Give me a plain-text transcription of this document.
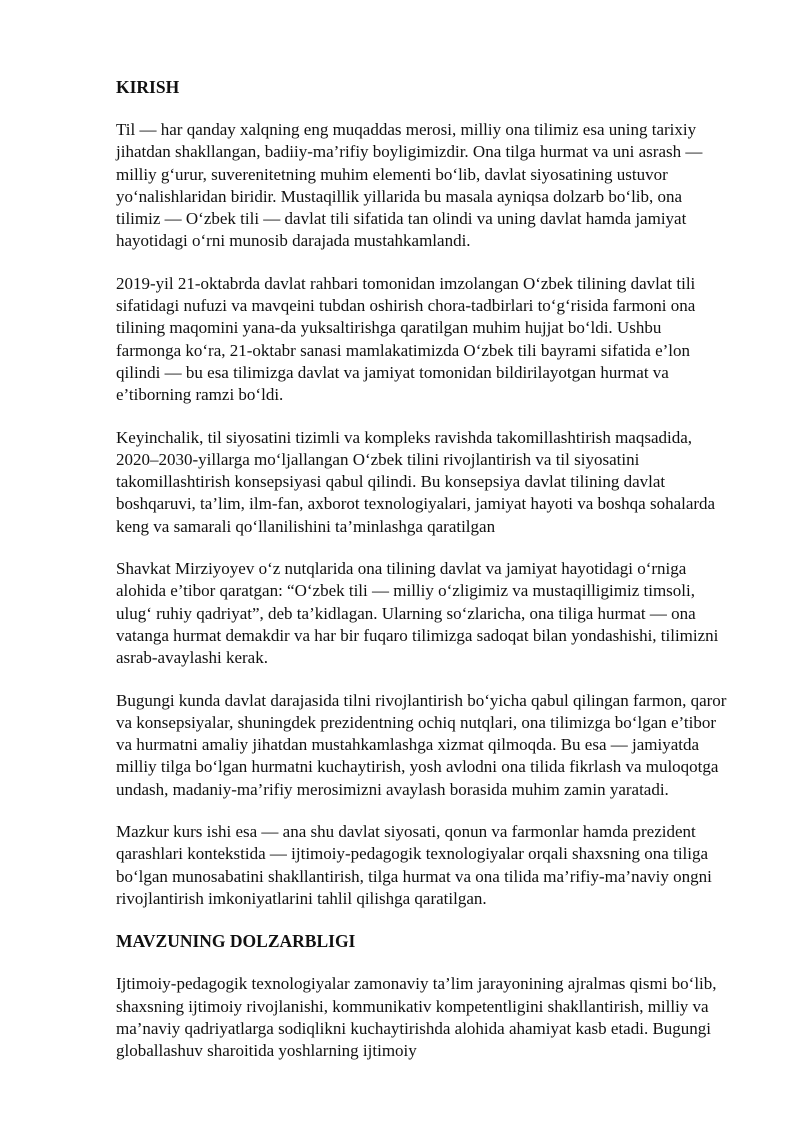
KIRISH

Til — har qanday xalqning eng muqaddas merosi, milliy ona tilimiz esa uning tarixiy jihatdan shakllangan, badiiy-ma’rifiy boyligimizdir. Ona tilga hurmat va uni asrash — milliy g‘urur, suverenitetning muhim elementi bo‘lib, davlat siyosatining ustuvor yo‘nalishlaridan biridir. Mustaqillik yillarida bu masala ayniqsa dolzarb bo‘lib, ona tilimiz — O‘zbek tili — davlat tili sifatida tan olindi va uning davlat hamda jamiyat hayotidagi o‘rni munosib darajada mustahkamlandi.

2019-yil 21-oktabrda davlat rahbari tomonidan imzolangan O‘zbek tilining davlat tili sifatidagi nufuzi va mavqeini tubdan oshirish chora-tadbirlari to‘g‘risida farmoni ona tilining maqomini yana-da yuksaltirishga qaratilgan muhim hujjat bo‘ldi. Ushbu farmonga ko‘ra, 21-oktabr sanasi mamlakatimizda O‘zbek tili bayrami sifatida e’lon qilindi — bu esa tilimizga davlat va jamiyat tomonidan bildirilayotgan hurmat va e’tiborning ramzi bo‘ldi.

Keyinchalik, til siyosatini tizimli va kompleks ravishda takomillashtirish maqsadida, 2020–2030-yillarga mo‘ljallangan O‘zbek tilini rivojlantirish va til siyosatini takomillashtirish konsepsiyasi qabul qilindi. Bu konsepsiya davlat tilining davlat boshqaruvi, ta’lim, ilm-fan, axborot texnologiyalari, jamiyat hayoti va boshqa sohalarda keng va samarali qo‘llanilishini ta’minlashga qaratilgan

Shavkat Mirziyoyev o‘z nutqlarida ona tilining davlat va jamiyat hayotidagi o‘rniga alohida e’tibor qaratgan: “O‘zbek tili — milliy o‘zligimiz va mustaqilligimiz timsoli, ulug‘ ruhiy qadriyat”, deb ta’kidlagan. Ularning so‘zlaricha, ona tiliga hurmat — ona vatanga hurmat demakdir va har bir fuqaro tilimizga sadoqat bilan yondashishi, tilimizni asrab-avaylashi kerak.

Bugungi kunda davlat darajasida tilni rivojlantirish bo‘yicha qabul qilingan farmon, qaror va konsepsiyalar, shuningdek prezidentning ochiq nutqlari, ona tilimizga bo‘lgan e’tibor va hurmatni amaliy jihatdan mustahkamlashga xizmat qilmoqda. Bu esa — jamiyatda milliy tilga bo‘lgan hurmatni kuchaytirish, yosh avlodni ona tilida fikrlash va muloqotga undash, madaniy-ma’rifiy merosimizni avaylash borasida muhim zamin yaratadi.

Mazkur kurs ishi esa — ana shu davlat siyosati, qonun va farmonlar hamda prezident qarashlari kontekstida — ijtimoiy-pedagogik texnologiyalar orqali shaxsning ona tiliga bo‘lgan munosabatini shakllantirish, tilga hurmat va ona tilida ma’rifiy-ma’naviy ongni rivojlantirish imkoniyatlarini tahlil qilishga qaratilgan.

MAVZUNING DOLZARBLIGI

Ijtimoiy-pedagogik texnologiyalar zamonaviy ta’lim jarayonining ajralmas qismi bo‘lib, shaxsning ijtimoiy rivojlanishi, kommunikativ kompetentligini shakllantirish, milliy va ma’naviy qadriyatlarga sodiqlikni kuchaytirishda alohida ahamiyat kasb etadi. Bugungi globallashuv sharoitida yoshlarning ijtimoiy
